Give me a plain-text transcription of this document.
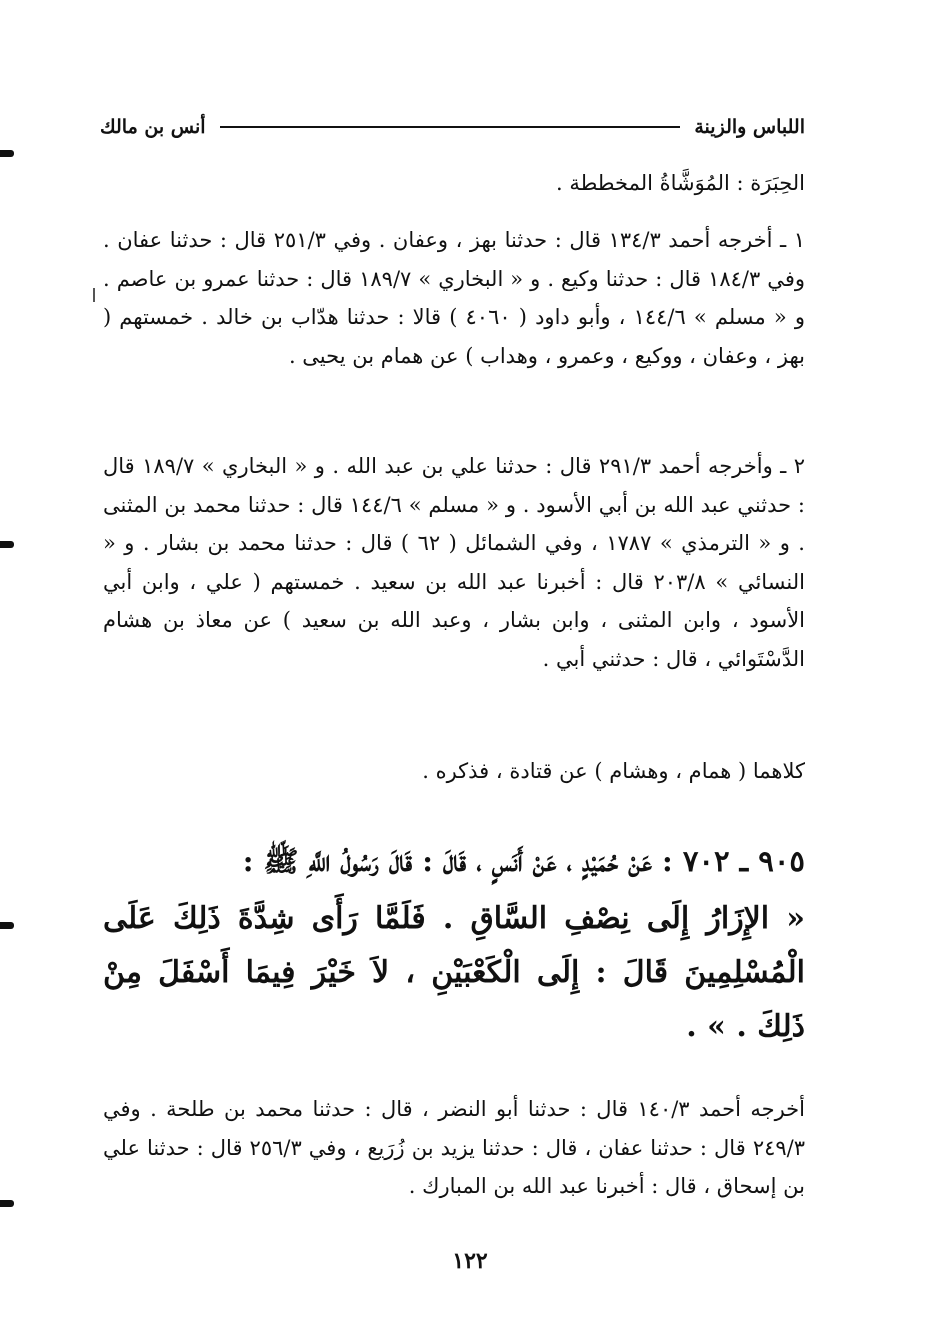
اللباس والزينة
أنس بن مالك

الحِبَرَة : المُوَشَّاةُ المخططة .

١ ـ أخرجه أحمد ١٣٤/٣ قال : حدثنا بهز ، وعفان . وفي ٢٥١/٣ قال : حدثنا عفان . وفي ١٨٤/٣ قال : حدثنا وكيع . و « البخاري » ١٨٩/٧ قال : حدثنا عمرو بن عاصم . و « مسلم » ١٤٤/٦ ، وأبو داود ( ٤٠٦٠ ) قالا : حدثنا هدّاب بن خالد . خمستهم ( بهز ، وعفان ، ووكيع ، وعمرو ، وهداب ) عن همام بن يحيى .

٢ ـ وأخرجه أحمد ٢٩١/٣ قال : حدثنا علي بن عبد الله . و « البخاري » ١٨٩/٧ قال : حدثني عبد الله بن أبي الأسود . و « مسلم » ١٤٤/٦ قال : حدثنا محمد بن المثنى . و « الترمذي » ١٧٨٧ ، وفي الشمائل ( ٦٢ ) قال : حدثنا محمد بن بشار . و « النسائي » ٢٠٣/٨ قال : أخبرنا عبد الله بن سعيد . خمستهم ( علي ، وابن أبي الأسود ، وابن المثنى ، وابن بشار ، وعبد الله بن سعيد ) عن معاذ بن هشام الدَّسْتَوائي ، قال : حدثني أبي .

كلاهما ( همام ، وهشام ) عن قتادة ، فذكره .

٩٠٥ ـ ٧٠٢ : عَنْ حُمَيْدٍ ، عَنْ أَنَسٍ ، قَالَ : قَالَ رَسُولُ اللَّهِ ﷺ :

« الإِزَارُ إِلَى نِصْفِ السَّاقِ . فَلَمَّا رَأَى شِدَّةَ ذَلِكَ عَلَى الْمُسْلِمِينَ قَالَ : إِلَى الْكَعْبَيْنِ ، لاَ خَيْرَ فِيمَا أَسْفَلَ مِنْ ذَلِكَ . » .

أخرجه أحمد ١٤٠/٣ قال : حدثنا أبو النضر ، قال : حدثنا محمد بن طلحة . وفي ٢٤٩/٣ قال : حدثنا عفان ، قال : حدثنا يزيد بن زُرَيع ، وفي ٢٥٦/٣ قال : حدثنا علي بن إسحاق ، قال : أخبرنا عبد الله بن المبارك .

١٢٢
